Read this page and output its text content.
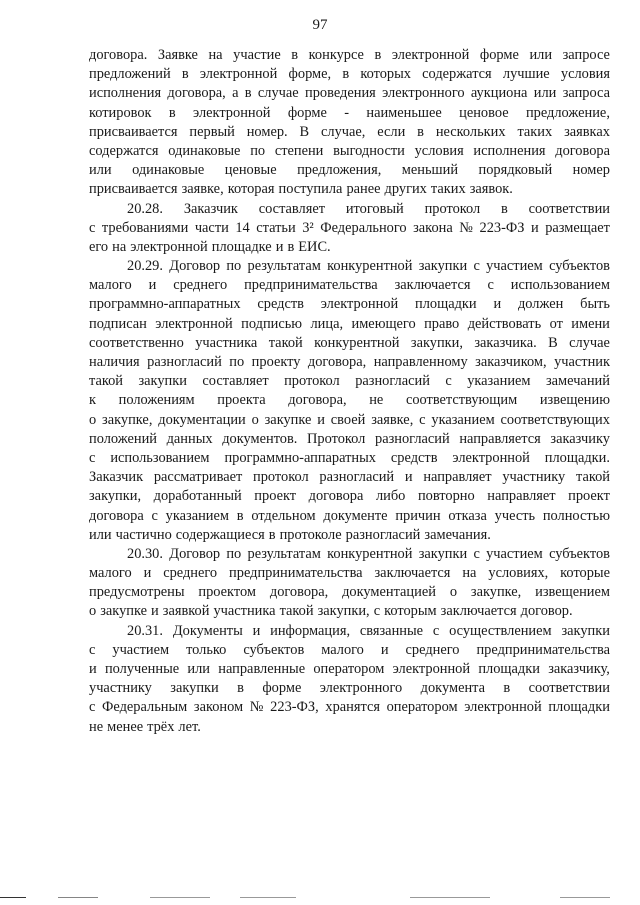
97
договора. Заявке на участие в конкурсе в электронной форме или запросе
предложений в электронной форме, в которых содержатся лучшие условия
исполнения договора, а в случае проведения электронного аукциона или запроса
котировок в электронной форме - наименьшее ценовое предложение,
присваивается первый номер. В случае, если в нескольких таких заявках
содержатся одинаковые по степени выгодности условия исполнения договора
или одинаковые ценовые предложения, меньший порядковый номер
присваивается заявке, которая поступила ранее других таких заявок.
20.28. Заказчик составляет итоговый протокол в соответствии
с требованиями части 14 статьи 3² Федерального закона № 223-ФЗ и размещает
его на электронной площадке и в ЕИС.
20.29. Договор по результатам конкурентной закупки с участием субъектов
малого и среднего предпринимательства заключается с использованием
программно-аппаратных средств электронной площадки и должен быть
подписан электронной подписью лица, имеющего право действовать от имени
соответственно участника такой конкурентной закупки, заказчика. В случае
наличия разногласий по проекту договора, направленному заказчиком, участник
такой закупки составляет протокол разногласий с указанием замечаний
к положениям проекта договора, не соответствующим извещению
о закупке, документации о закупке и своей заявке, с указанием соответствующих
положений данных документов. Протокол разногласий направляется заказчику
с использованием программно-аппаратных средств электронной площадки.
Заказчик рассматривает протокол разногласий и направляет участнику такой
закупки, доработанный проект договора либо повторно направляет проект
договора с указанием в отдельном документе причин отказа учесть полностью
или частично содержащиеся в протоколе разногласий замечания.
20.30. Договор по результатам конкурентной закупки с участием субъектов
малого и среднего предпринимательства заключается на условиях, которые
предусмотрены проектом договора, документацией о закупке, извещением
о закупке и заявкой участника такой закупки, с которым заключается договор.
20.31. Документы и информация, связанные с осуществлением закупки
с участием только субъектов малого и среднего предпринимательства
и полученные или направленные оператором электронной площадки заказчику,
участнику закупки в форме электронного документа в соответствии
с Федеральным законом № 223-ФЗ, хранятся оператором электронной площадки
не менее трёх лет.
